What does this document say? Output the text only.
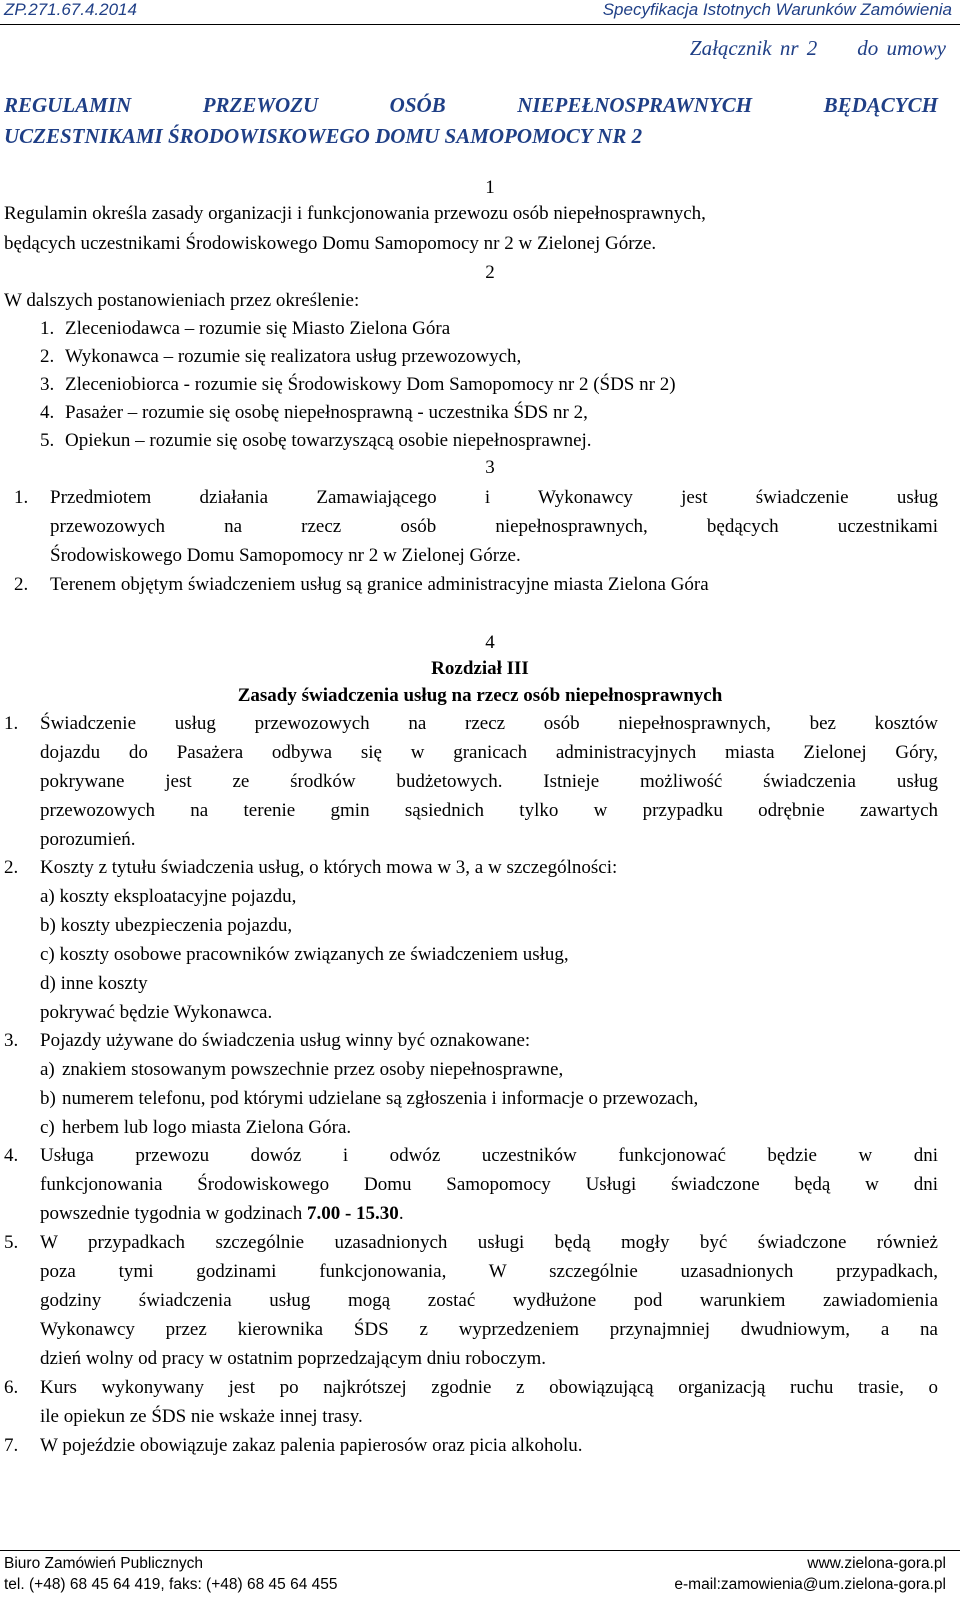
ZP.271.67.4.2014	Specyfikacja Istotnych Warunków Zamówienia
Załącznik nr 2 do umowy
REGULAMIN	PRZEWOZU	OSÓB	NIEPEŁNOSPRAWNYCH	BĘDĄCYCH
UCZESTNIKAMI ŚRODOWISKOWEGO DOMU SAMOPOMOCY NR 2
1
Regulamin określa zasady organizacji i funkcjonowania przewozu osób niepełnosprawnych,
będących uczestnikami Środowiskowego Domu Samopomocy nr 2 w Zielonej Górze.
2
W dalszych postanowieniach przez określenie:
1. Zleceniodawca – rozumie się Miasto Zielona Góra
2. Wykonawca – rozumie się realizatora usług przewozowych,
3. Zleceniobiorca - rozumie się Środowiskowy Dom Samopomocy nr 2 (ŚDS nr 2)
4. Pasażer – rozumie się osobę niepełnosprawną - uczestnika ŚDS nr 2,
5. Opiekun – rozumie się osobę towarzyszącą osobie niepełnosprawnej.
3
1. Przedmiotem działania Zamawiającego i Wykonawcy jest świadczenie usług
przewozowych na rzecz osób niepełnosprawnych, będących uczestnikami
Środowiskowego Domu Samopomocy nr 2 w Zielonej Górze.
2. Terenem objętym świadczeniem usług są granice administracyjne miasta Zielona Góra
4
Rozdział III
Zasady świadczenia usług na rzecz osób niepełnosprawnych
1. Świadczenie usług przewozowych na rzecz osób niepełnosprawnych, bez kosztów
dojazdu do Pasażera odbywa się w granicach administracyjnych miasta Zielonej Góry,
pokrywane jest ze środków budżetowych. Istnieje możliwość świadczenia usług
przewozowych na terenie gmin sąsiednich tylko w przypadku odrębnie zawartych
porozumień.
2. Koszty z tytułu świadczenia usług, o których mowa w 3, a w szczególności:
a) koszty eksploatacyjne pojazdu,
b) koszty ubezpieczenia pojazdu,
c) koszty osobowe pracowników związanych ze świadczeniem usług,
d) inne koszty
pokrywać będzie Wykonawca.
3. Pojazdy używane do świadczenia usług winny być oznakowane:
a) znakiem stosowanym powszechnie przez osoby niepełnosprawne,
b) numerem telefonu, pod którymi udzielane są zgłoszenia i informacje o przewozach,
c) herbem lub logo miasta Zielona Góra.
4. Usługa przewozu dowóz i odwóz uczestników funkcjonować będzie w dni
funkcjonowania Środowiskowego Domu Samopomocy Usługi świadczone będą w dni
powszednie tygodnia w godzinach 7.00 - 15.30.
5. W przypadkach szczególnie uzasadnionych usługi będą mogły być świadczone również
poza tymi godzinami funkcjonowania, W szczególnie uzasadnionych przypadkach,
godziny świadczenia usług mogą zostać wydłużone pod warunkiem zawiadomienia
Wykonawcy przez kierownika ŚDS z wyprzedzeniem przynajmniej dwudniowym, a na
dzień wolny od pracy w ostatnim poprzedzającym dniu roboczym.
6. Kurs wykonywany jest po najkrótszej zgodnie z obowiązującą organizacją ruchu trasie, o
ile opiekun ze ŚDS nie wskaże innej trasy.
7. W pojeździe obowiązuje zakaz palenia papierosów oraz picia alkoholu.
Biuro Zamówień Publicznych	www.zielona-gora.pl
tel. (+48) 68 45 64 419, faks: (+48) 68 45 64 455	e-mail:zamowienia@um.zielona-gora.pl
